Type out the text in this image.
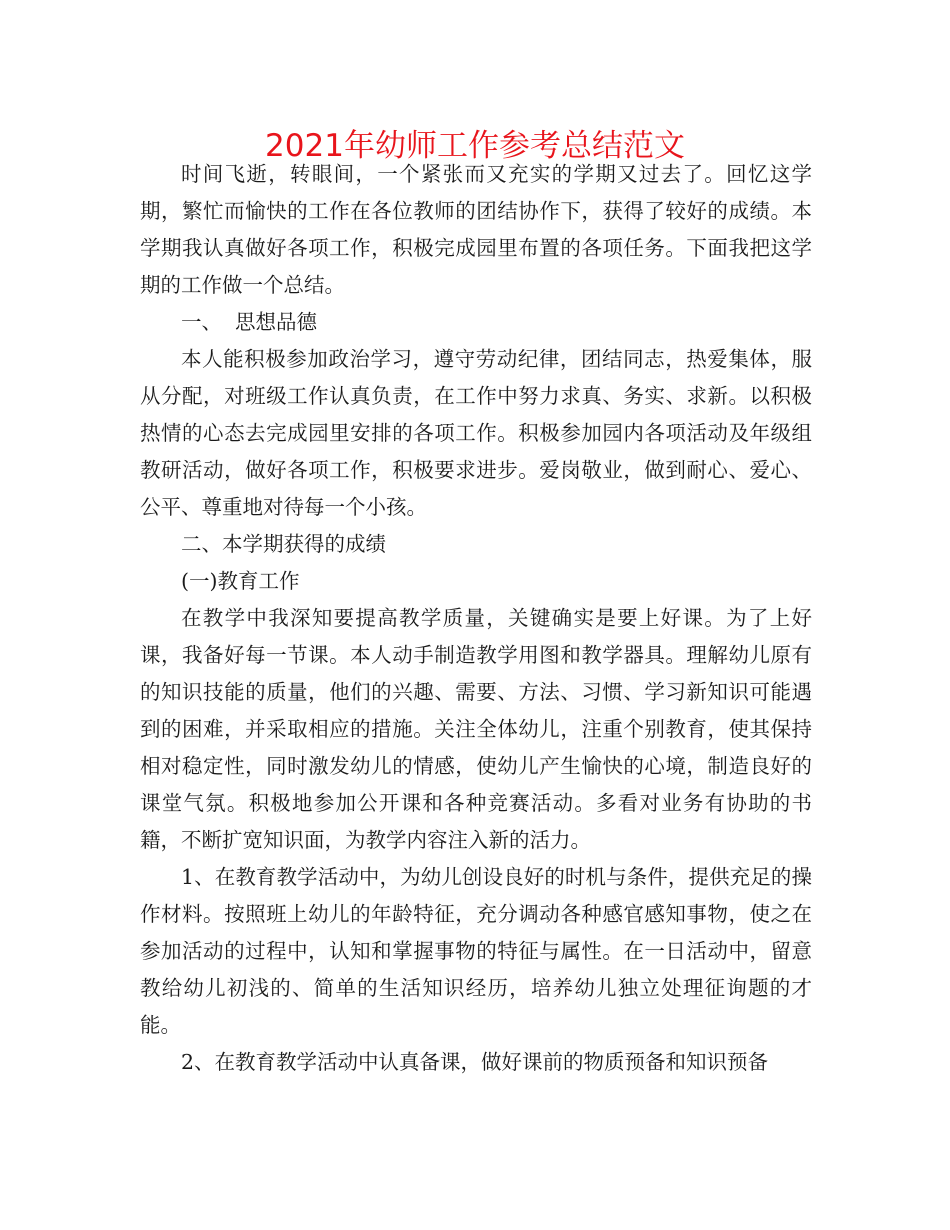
2021年幼师工作参考总结范文

时间飞逝，转眼间，一个紧张而又充实的学期又过去了。回忆这学期，繁忙而愉快的工作在各位教师的团结协作下，获得了较好的成绩。本学期我认真做好各项工作，积极完成园里布置的各项任务。下面我把这学期的工作做一个总结。

一、  思想品德

本人能积极参加政治学习，遵守劳动纪律，团结同志，热爱集体，服从分配，对班级工作认真负责，在工作中努力求真、务实、求新。以积极热情的心态去完成园里安排的各项工作。积极参加园内各项活动及年级组教研活动，做好各项工作，积极要求进步。爱岗敬业，做到耐心、爱心、公平、尊重地对待每一个小孩。

二、本学期获得的成绩

(一)教育工作

在教学中我深知要提高教学质量，关键确实是要上好课。为了上好课，我备好每一节课。本人动手制造教学用图和教学器具。理解幼儿原有的知识技能的质量，他们的兴趣、需要、方法、习惯、学习新知识可能遇到的困难，并采取相应的措施。关注全体幼儿，注重个别教育，使其保持相对稳定性，同时激发幼儿的情感，使幼儿产生愉快的心境，制造良好的课堂气氛。积极地参加公开课和各种竞赛活动。多看对业务有协助的书籍，不断扩宽知识面，为教学内容注入新的活力。

1、在教育教学活动中，为幼儿创设良好的时机与条件，提供充足的操作材料。按照班上幼儿的年龄特征，充分调动各种感官感知事物，使之在参加活动的过程中，认知和掌握事物的特征与属性。在一日活动中，留意教给幼儿初浅的、简单的生活知识经历，培养幼儿独立处理征询题的才能。

2、在教育教学活动中认真备课，做好课前的物质预备和知识预备
